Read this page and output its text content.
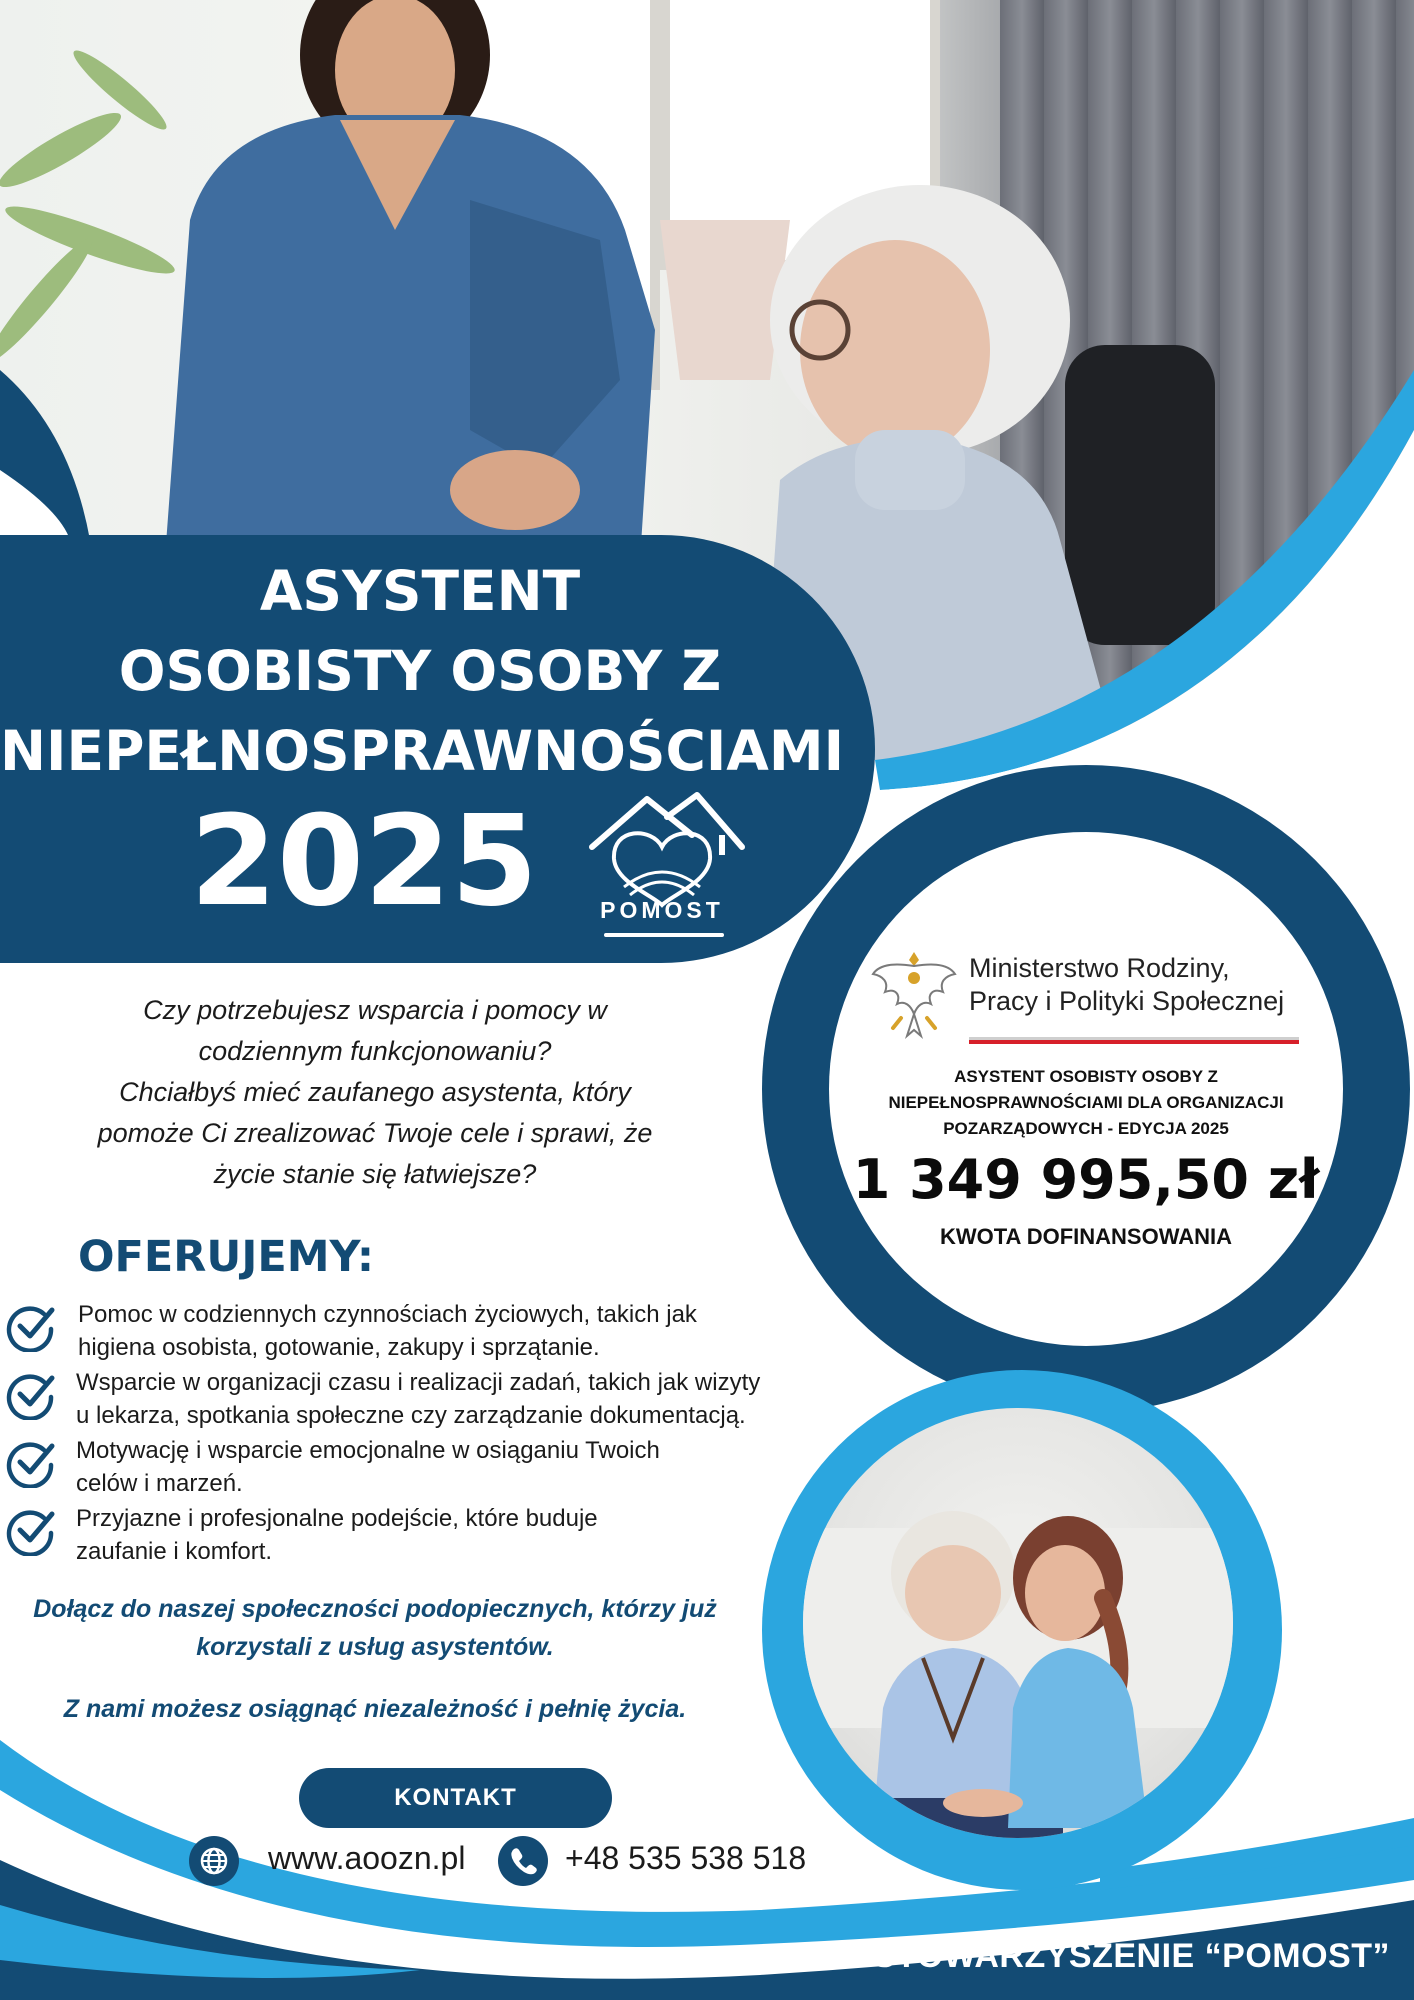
ASYSTENT
OSOBISTY OSOBY Z
NIEPEŁNOSPRAWNOŚCIAMI
2025	POMOST
Czy potrzebujesz wsparcia i pomocy w
codziennym funkcjonowaniu?
Chciałbyś mieć zaufanego asystenta, który
pomoże Ci zrealizować Twoje cele i sprawi, że
życie stanie się łatwiejsze?
OFERUJEMY:
Pomoc w codziennych czynnościach życiowych, takich jak
higiena osobista, gotowanie, zakupy i sprzątanie.
Wsparcie w organizacji czasu i realizacji zadań, takich jak wizyty
u lekarza, spotkania społeczne czy zarządzanie dokumentacją.
Motywację i wsparcie emocjonalne w osiąganiu Twoich
celów i marzeń.
Przyjazne i profesjonalne podejście, które buduje
zaufanie i komfort.
Dołącz do naszej społeczności podopiecznych, którzy już
korzystali z usług asystentów.
Z nami możesz osiągnąć niezależność i pełnię życia.
Ministerstwo Rodziny,
Pracy i Polityki Społecznej
ASYSTENT OSOBISTY OSOBY Z
NIEPEŁNOSPRAWNOŚCIAMI DLA ORGANIZACJI
POZARZĄDOWYCH - EDYCJA 2025
1 349 995,50 zł
KWOTA DOFINANSOWANIA
KONTAKT
www.aoozn.pl	+48 535 538 518
STOWARZYSZENIE “POMOST”
